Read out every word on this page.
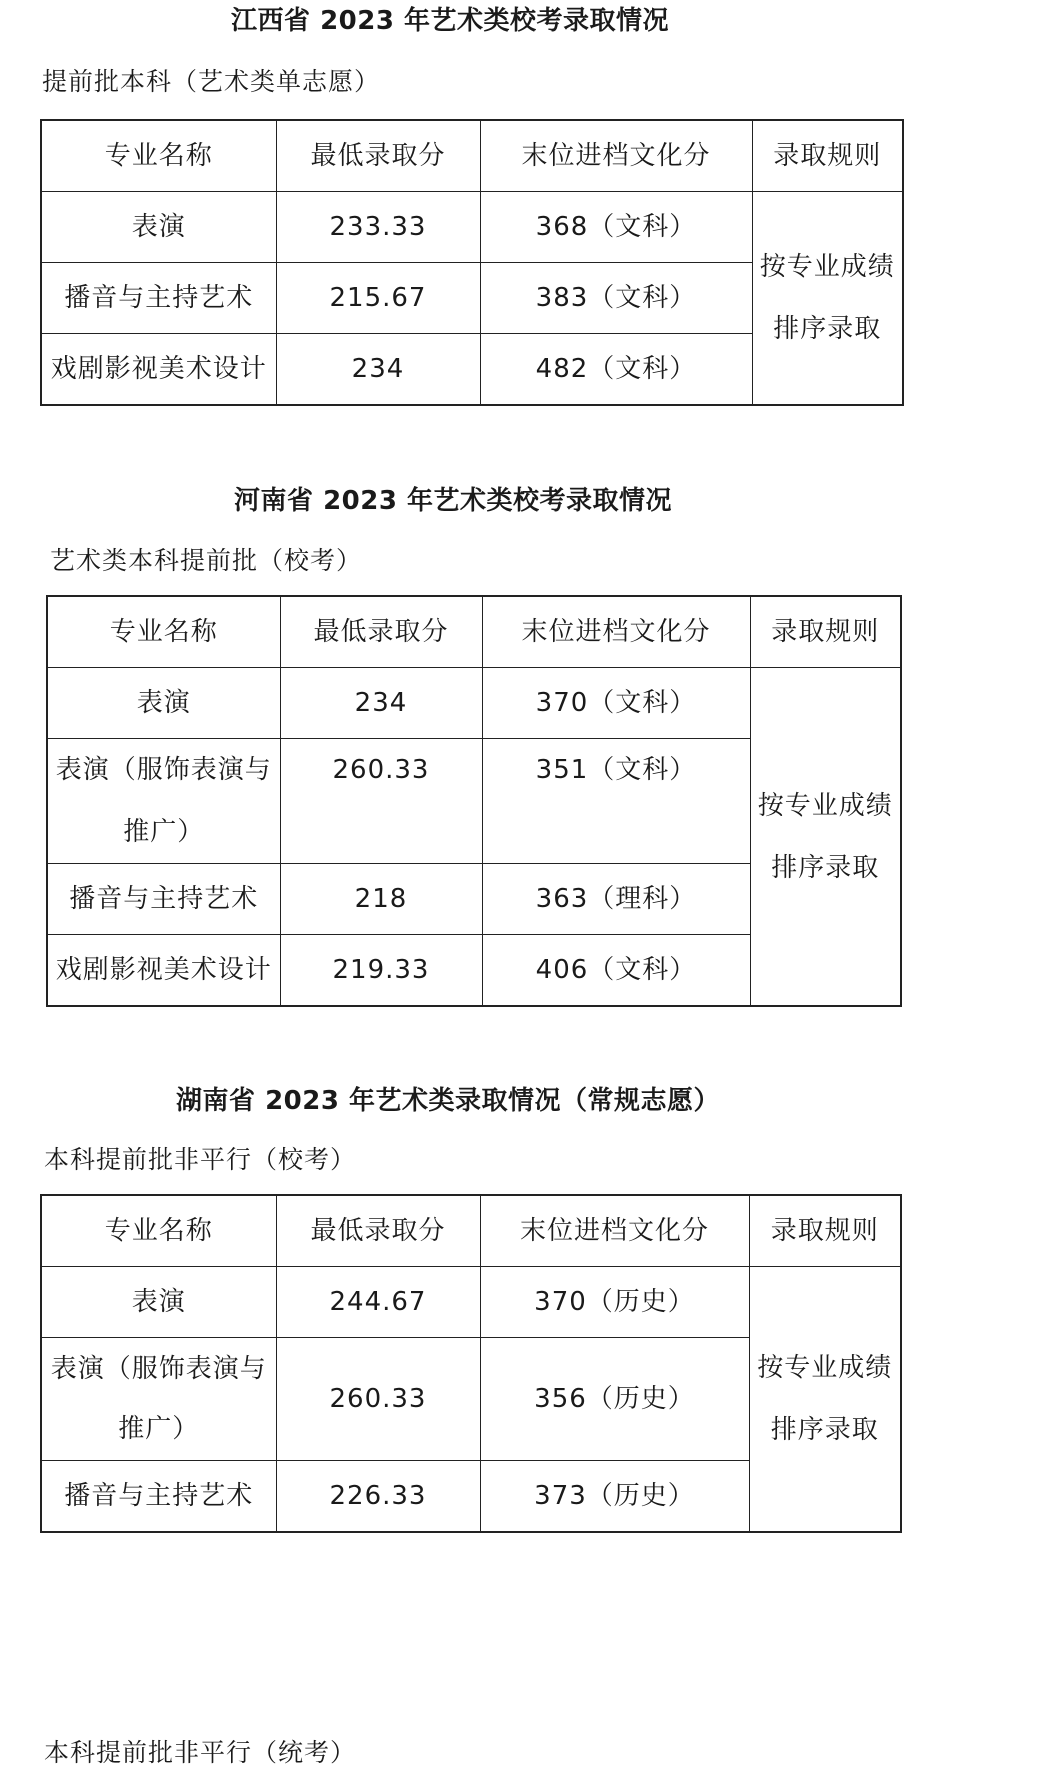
江西省 2023 年艺术类校考录取情况
提前批本科（艺术类单志愿）
专业名称	最低录取分	末位进档文化分	录取规则
表演	233.33	368（文科）	按专业成绩
排序录取
播音与主持艺术	215.67	383（文科）	
戏剧影视美术设计	234	482（文科）	
河南省 2023 年艺术类校考录取情况
艺术类本科提前批（校考）
专业名称	最低录取分	末位进档文化分	录取规则
表演	234	370（文科）	按专业成绩
排序录取
表演（服饰表演与
推广）	260.33	351（文科）	
播音与主持艺术	218	363（理科）	
戏剧影视美术设计	219.33	406（文科）	
湖南省 2023 年艺术类录取情况（常规志愿）
本科提前批非平行（校考）
专业名称	最低录取分	末位进档文化分	录取规则
表演	244.67	370（历史）	按专业成绩
排序录取
表演（服饰表演与
推广）	260.33	356（历史）	
播音与主持艺术	226.33	373（历史）	
本科提前批非平行（统考）
